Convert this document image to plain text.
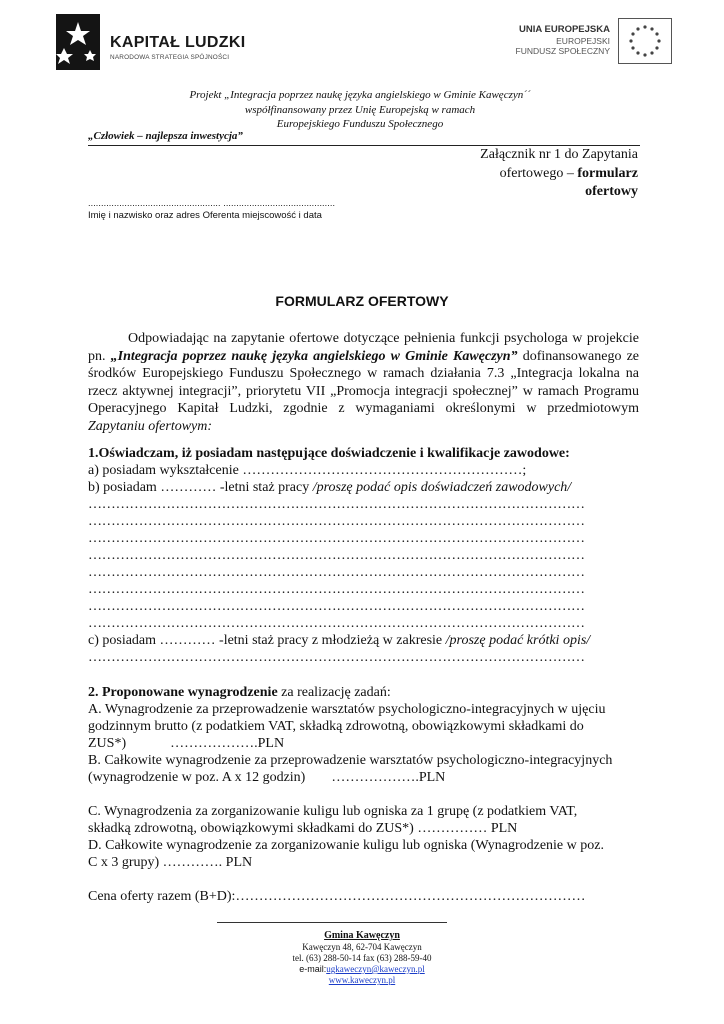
KAPITAŁ LUDZKI
NARODOWA STRATEGIA SPÓJNOŚCI
UNIA EUROPEJSKA
EUROPEJSKI
FUNDUSZ SPOŁECZNY
Projekt „Integracja poprzez naukę języka angielskiego w Gminie Kawęczyn´´
współfinansowany przez Unię Europejską w ramach
Europejskiego Funduszu Społecznego
„Człowiek – najlepsza inwestycja”
Załącznik nr 1 do Zapytania
ofertowego – formularz
ofertowy
................................................... ...........................................
Imię i nazwisko oraz adres Oferenta miejscowość i data
FORMULARZ OFERTOWY
Odpowiadając na zapytanie ofertowe dotyczące pełnienia funkcji psychologa w projekcie pn. „Integracja poprzez naukę języka angielskiego w Gminie Kawęczyn” dofinansowanego ze środków Europejskiego Funduszu Społecznego w ramach działania 7.3 „Integracja lokalna na rzecz aktywnej integracji”, priorytetu VII „Promocja integracji społecznej” w ramach Programu Operacyjnego Kapitał Ludzki, zgodnie z wymaganiami określonymi w przedmiotowym Zapytaniu ofertowym:
1.Oświadczam, iż posiadam następujące doświadczenie i kwalifikacje zawodowe:
a) posiadam wykształcenie ……………………………………………………;
b) posiadam ………… -letni staż pracy /proszę podać opis doświadczeń zawodowych/
………………………………………………………………………………………………
………………………………………………………………………………………………
………………………………………………………………………………………………
………………………………………………………………………………………………
………………………………………………………………………………………………
………………………………………………………………………………………………
………………………………………………………………………………………………
………………………………………………………………………………………………
c) posiadam ………… -letni staż pracy z młodzieżą w zakresie /proszę podać krótki opis/
………………………………………………………………………………………………
2. Proponowane wynagrodzenie za realizację zadań:
A. Wynagrodzenie za przeprowadzenie warsztatów psychologiczno-integracyjnych w ujęciu
godzinnym brutto (z podatkiem VAT, składką zdrowotną, obowiązkowymi składkami do
ZUS*)	……………….PLN
B. Całkowite wynagrodzenie za przeprowadzenie warsztatów psychologiczno-integracyjnych
(wynagrodzenie w poz. A x 12 godzin) ……………….PLN
C. Wynagrodzenia za zorganizowanie kuligu lub ogniska za 1 grupę (z podatkiem VAT,
składką zdrowotną, obowiązkowymi składkami do ZUS*) …………… PLN
D. Całkowite wynagrodzenie za zorganizowanie kuligu lub ogniska (Wynagrodzenie w poz.
C x 3 grupy) …………. PLN
Cena oferty razem (B+D):…………………………………………………………………
Gmina Kawęczyn
Kawęczyn 48, 62-704 Kawęczyn
tel. (63) 288-50-14 fax (63) 288-59-40
e-mail:ugkaweczyn@kaweczyn.pl
www.kaweczyn.pl
